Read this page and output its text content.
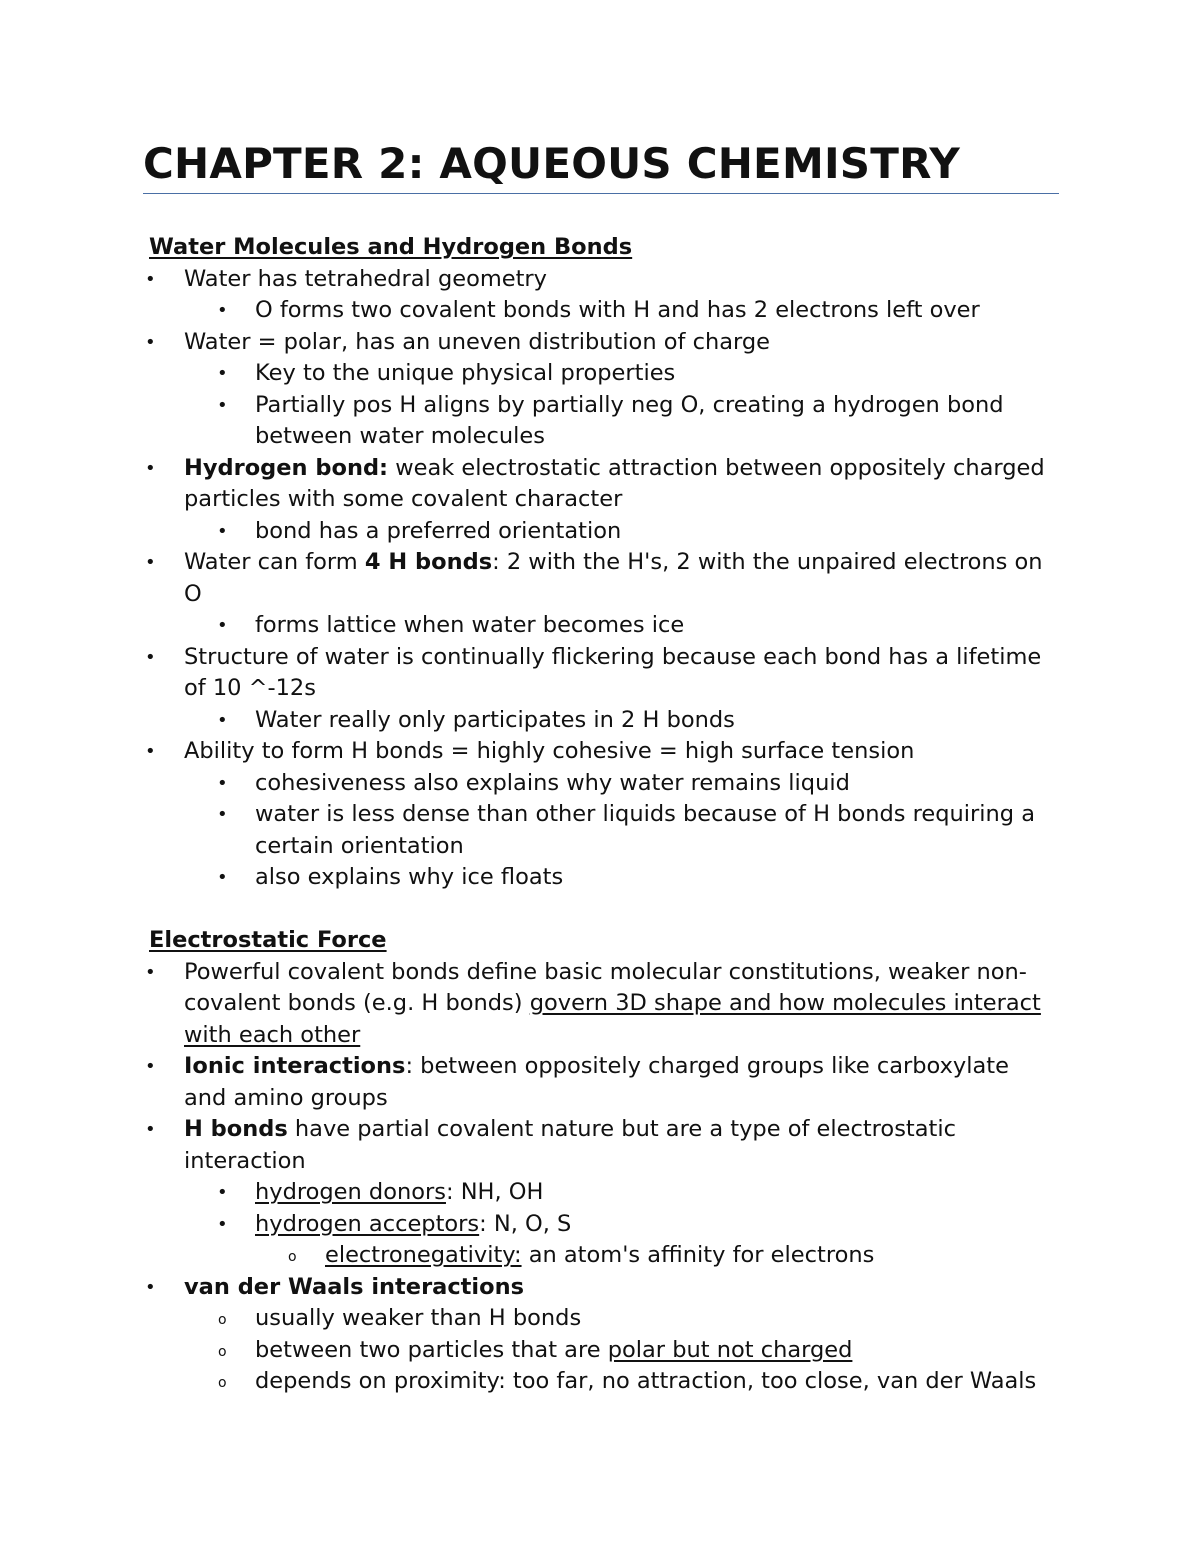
CHAPTER 2: AQUEOUS CHEMISTRY
Water Molecules and Hydrogen Bonds
• Water has tetrahedral geometry
• O forms two covalent bonds with H and has 2 electrons left over
• Water = polar, has an uneven distribution of charge
• Key to the unique physical properties
• Partially pos H aligns by partially neg O, creating a hydrogen bond
between water molecules
• Hydrogen bond: weak electrostatic attraction between oppositely charged
particles with some covalent character
• bond has a preferred orientation
• Water can form 4 H bonds: 2 with the H's, 2 with the unpaired electrons on
O
• forms lattice when water becomes ice
• Structure of water is continually flickering because each bond has a lifetime
of 10 ^-12s
• Water really only participates in 2 H bonds
• Ability to form H bonds = highly cohesive = high surface tension
• cohesiveness also explains why water remains liquid
• water is less dense than other liquids because of H bonds requiring a
certain orientation
• also explains why ice floats
Electrostatic Force
• Powerful covalent bonds define basic molecular constitutions, weaker non-
covalent bonds (e.g. H bonds) govern 3D shape and how molecules interact
with each other
• Ionic interactions: between oppositely charged groups like carboxylate
and amino groups
• H bonds have partial covalent nature but are a type of electrostatic
interaction
• hydrogen donors: NH, OH
• hydrogen acceptors: N, O, S
o electronegativity: an atom's affinity for electrons
• van der Waals interactions
o usually weaker than H bonds
o between two particles that are polar but not charged
o depends on proximity: too far, no attraction, too close, van der Waals
